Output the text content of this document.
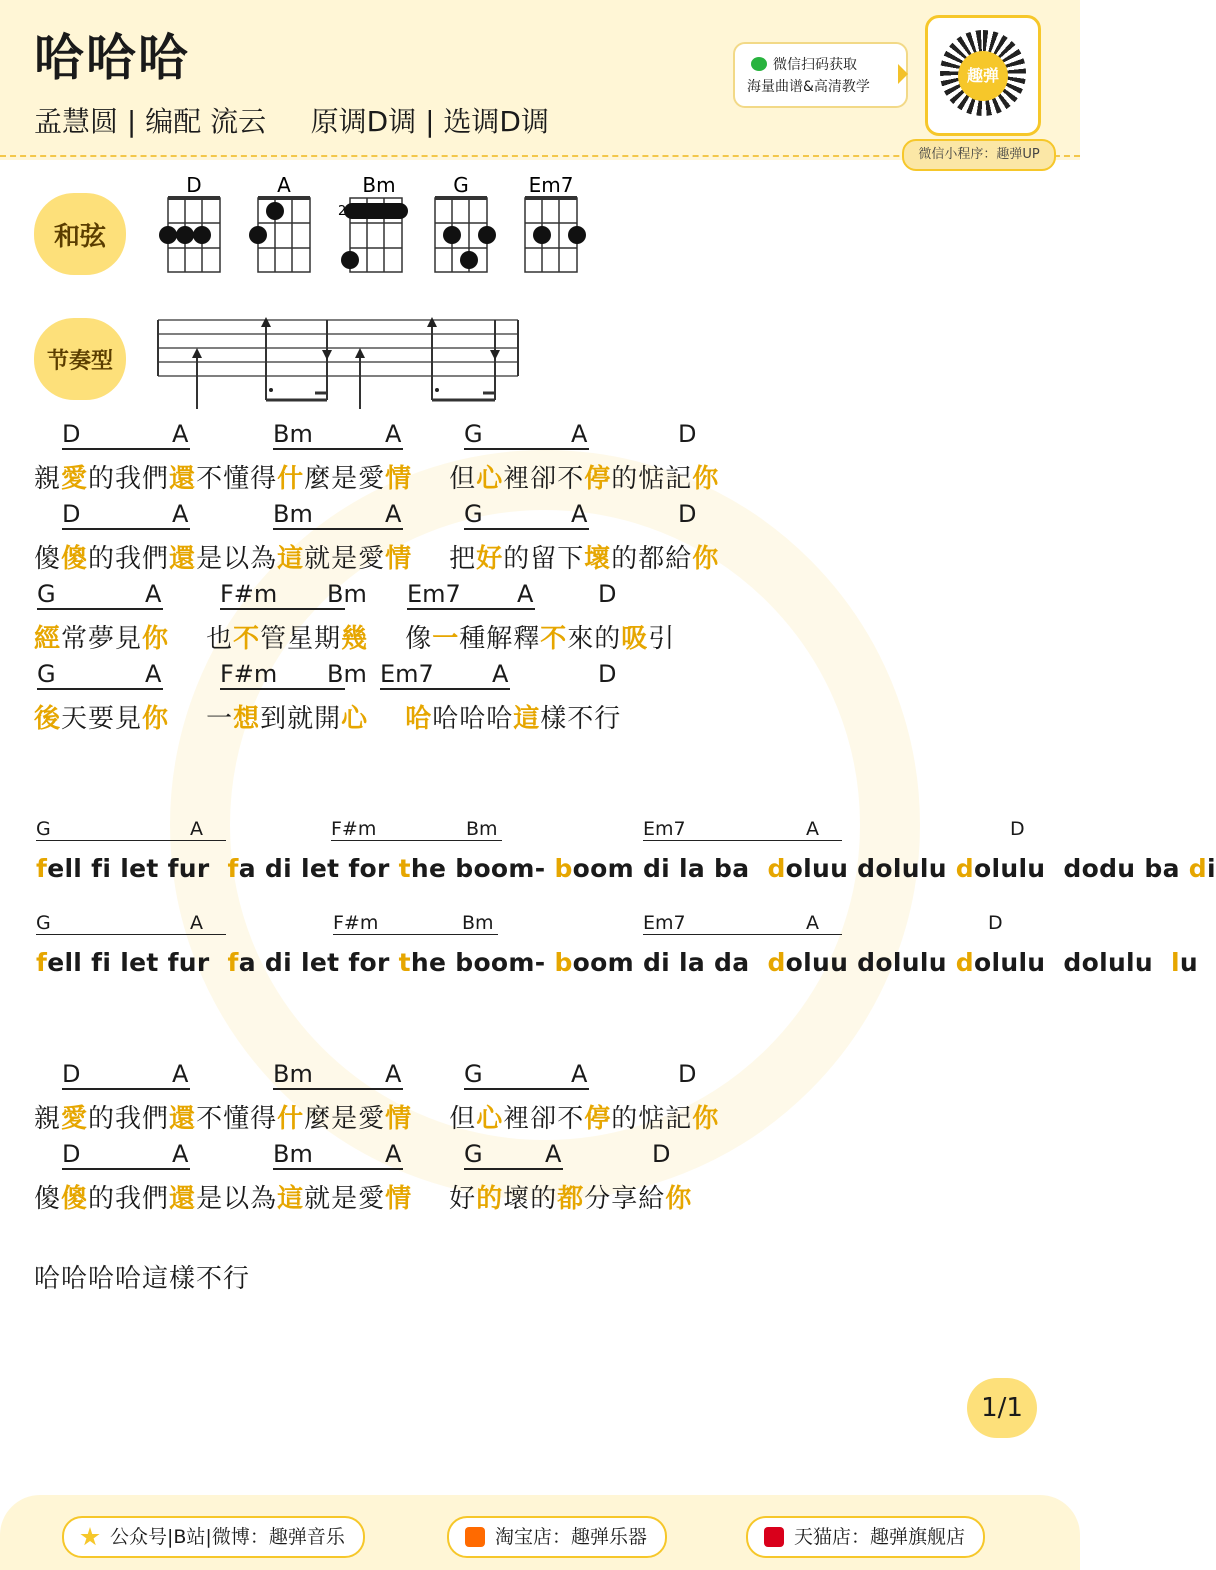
哈哈哈
孟慧圆 | 编配 流云     原调D调 | 选调D调
微信扫码获取
海量曲谱&高清教学
趣弹
微信小程序：趣弹UP
和弦
节奏型
D	A	Bm	G	Em7
2
D	A	Bm	A	G	A	D
親愛的我們還不懂得什麼是愛情    但心裡卻不停的惦記你
D	A	Bm	A	G	A	D
傻傻的我們還是以為這就是愛情    把好的留下壞的都給你
G	A F#m	Bm Em7	A	D
經常夢見你    也不管星期幾    像一種解釋不來的吸引
G	A F#m	Bm Em7	A	D
後天要見你    一想到就開心 哈哈哈哈這樣不行
G	A	F#m	Bm	Em7	A	D
fell fi let fur  fa di let for the boom- boom di la ba  doluu dolulu dolulu  dodu ba di
G	A	F#m	Bm	Em7	A	D
fell fi let fur  fa di let for the boom- boom di la da  doluu dolulu dolulu  dolulu  lu
D	A	Bm	A	G	A	D
親愛的我們還不懂得什麼是愛情    但心裡卻不停的惦記你
D	A	Bm	A	G	A	D
傻傻的我們還是以為這就是愛情    好的壞的都分享給你
哈哈哈哈這樣不行
1/1
公众号|B站|微博：趣弹音乐	淘宝店：趣弹乐器	天猫店：趣弹旗舰店
